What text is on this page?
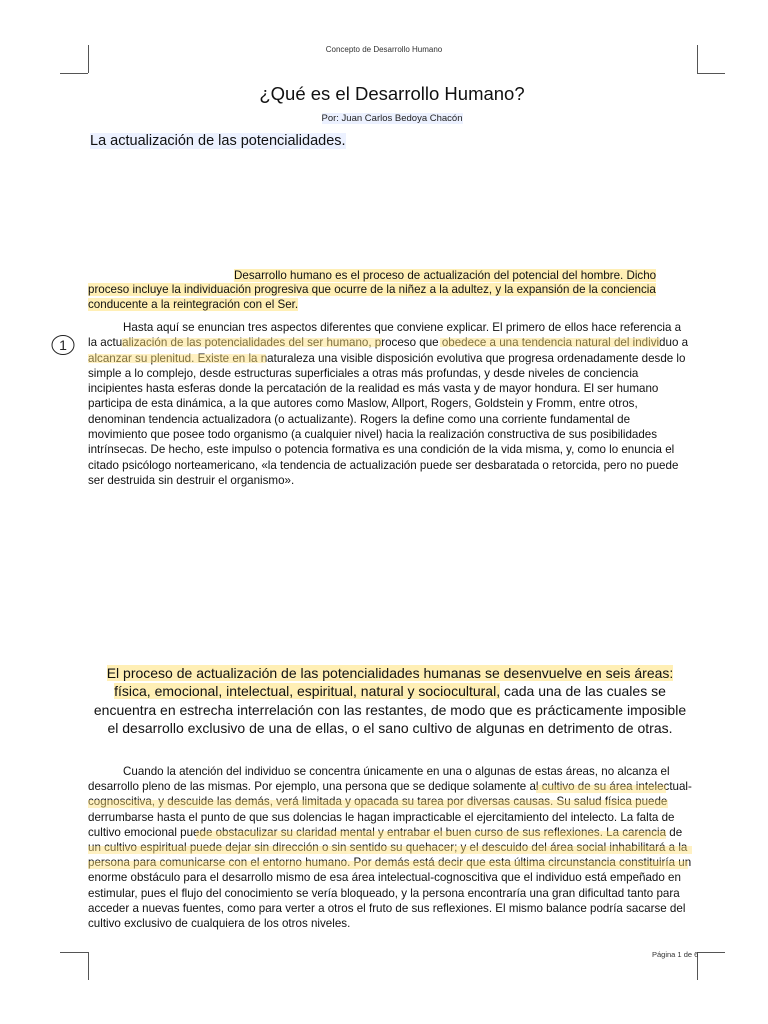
Concepto de Desarrollo Humano
¿Qué es el Desarrollo Humano?
Por: Juan Carlos Bedoya Chacón
La actualización de las potencialidades.
Desarrollo humano es el proceso de actualización del potencial del hombre. Dicho proceso incluye la individuación progresiva que ocurre de la niñez a la adultez, y la expansión de la conciencia conducente a la reintegración con el Ser.
1
Hasta aquí se enuncian tres aspectos diferentes que conviene explicar. El primero de ellos hace referencia a la actualización de las potencialidades del ser humano, proceso que obedece a una tendencia natural del individuo a alcanzar su plenitud. Existe en la naturaleza una visible disposición evolutiva que progresa ordenadamente desde lo simple a lo complejo, desde estructuras superficiales a otras más profundas, y desde niveles de conciencia incipientes hasta esferas donde la percatación de la realidad es más vasta y de mayor hondura. El ser humano participa de esta dinámica, a la que autores como Maslow, Allport, Rogers, Goldstein y Fromm, entre otros, denominan tendencia actualizadora (o actualizante). Rogers la define como una corriente fundamental de movimiento que posee todo organismo (a cualquier nivel) hacia la realización constructiva de sus posibilidades intrínsecas. De hecho, este impulso o potencia formativa es una condición de la vida misma, y, como lo enuncia el citado psicólogo norteamericano, «la tendencia de actualización puede ser desbaratada o retorcida, pero no puede ser destruida sin destruir el organismo».
El proceso de actualización de las potencialidades humanas se desenvuelve en seis áreas: física, emocional, intelectual, espiritual, natural y sociocultural, cada una de las cuales se encuentra en estrecha interrelación con las restantes, de modo que es prácticamente imposible el desarrollo exclusivo de una de ellas, o el sano cultivo de algunas en detrimento de otras.
Cuando la atención del individuo se concentra únicamente en una o algunas de estas áreas, no alcanza el desarrollo pleno de las mismas. Por ejemplo, una persona que se dedique solamente al cultivo de su área intelectual-cognoscitiva, y descuide las demás, verá limitada y opacada su tarea por diversas causas. Su salud física puede derrumbarse hasta el punto de que sus dolencias le hagan impracticable el ejercitamiento del intelecto. La falta de cultivo emocional puede obstaculizar su claridad mental y entrabar el buen curso de sus reflexiones. La carencia de un cultivo espiritual puede dejar sin dirección o sin sentido su quehacer; y el descuido del área social inhabilitará a la persona para comunicarse con el entorno humano. Por demás está decir que esta última circunstancia constituiría un enorme obstáculo para el desarrollo mismo de esa área intelectual-cognoscitiva que el individuo está empeñado en estimular, pues el flujo del conocimiento se vería bloqueado, y la persona encontraría una gran dificultad tanto para acceder a nuevas fuentes, como para verter a otros el fruto de sus reflexiones. El mismo balance podría sacarse del cultivo exclusivo de cualquiera de los otros niveles.
Página 1 de 6
